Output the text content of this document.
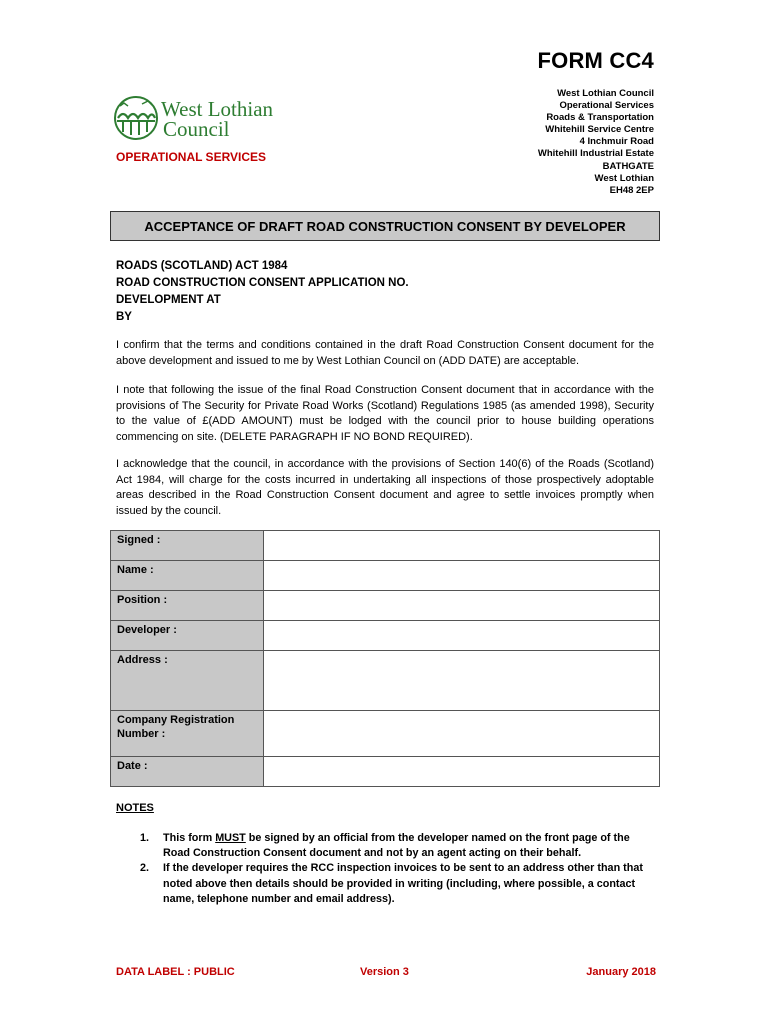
FORM CC4
West Lothian Council
Operational Services
Roads & Transportation
Whitehill Service Centre
4 Inchmuir Road
Whitehill Industrial Estate
BATHGATE
West Lothian
EH48 2EP
West Lothian
Council
OPERATIONAL SERVICES
ACCEPTANCE OF DRAFT ROAD CONSTRUCTION CONSENT BY DEVELOPER
ROADS (SCOTLAND) ACT 1984
ROAD CONSTRUCTION CONSENT APPLICATION NO.
DEVELOPMENT AT
BY
I confirm that the terms and conditions contained in the draft Road Construction Consent document for the above development and issued to me by West Lothian Council on (ADD DATE) are acceptable.
I note that following the issue of the final Road Construction Consent document that in accordance with the provisions of The Security for Private Road Works (Scotland) Regulations 1985 (as amended 1998), Security to the value of £(ADD AMOUNT) must be lodged with the council prior to house building operations commencing on site. (DELETE PARAGRAPH IF NO BOND REQUIRED).
I acknowledge that the council, in accordance with the provisions of Section 140(6) of the Roads (Scotland) Act 1984, will charge for the costs incurred in undertaking all inspections of those prospectively adoptable areas described in the Road Construction Consent document and agree to settle invoices promptly when issued by the council.
Signed :	
Name :	
Position :	
Developer :	
Address :	
Company Registration Number :	
Date :	
NOTES
1.	This form MUST be signed by an official from the developer named on the front page of the Road Construction Consent document and not by an agent acting on their behalf.
2.	If the developer requires the RCC inspection invoices to be sent to an address other than that noted above then details should be provided in writing (including, where possible, a contact name, telephone number and email address).
DATA LABEL : PUBLIC	Version 3	January 2018
